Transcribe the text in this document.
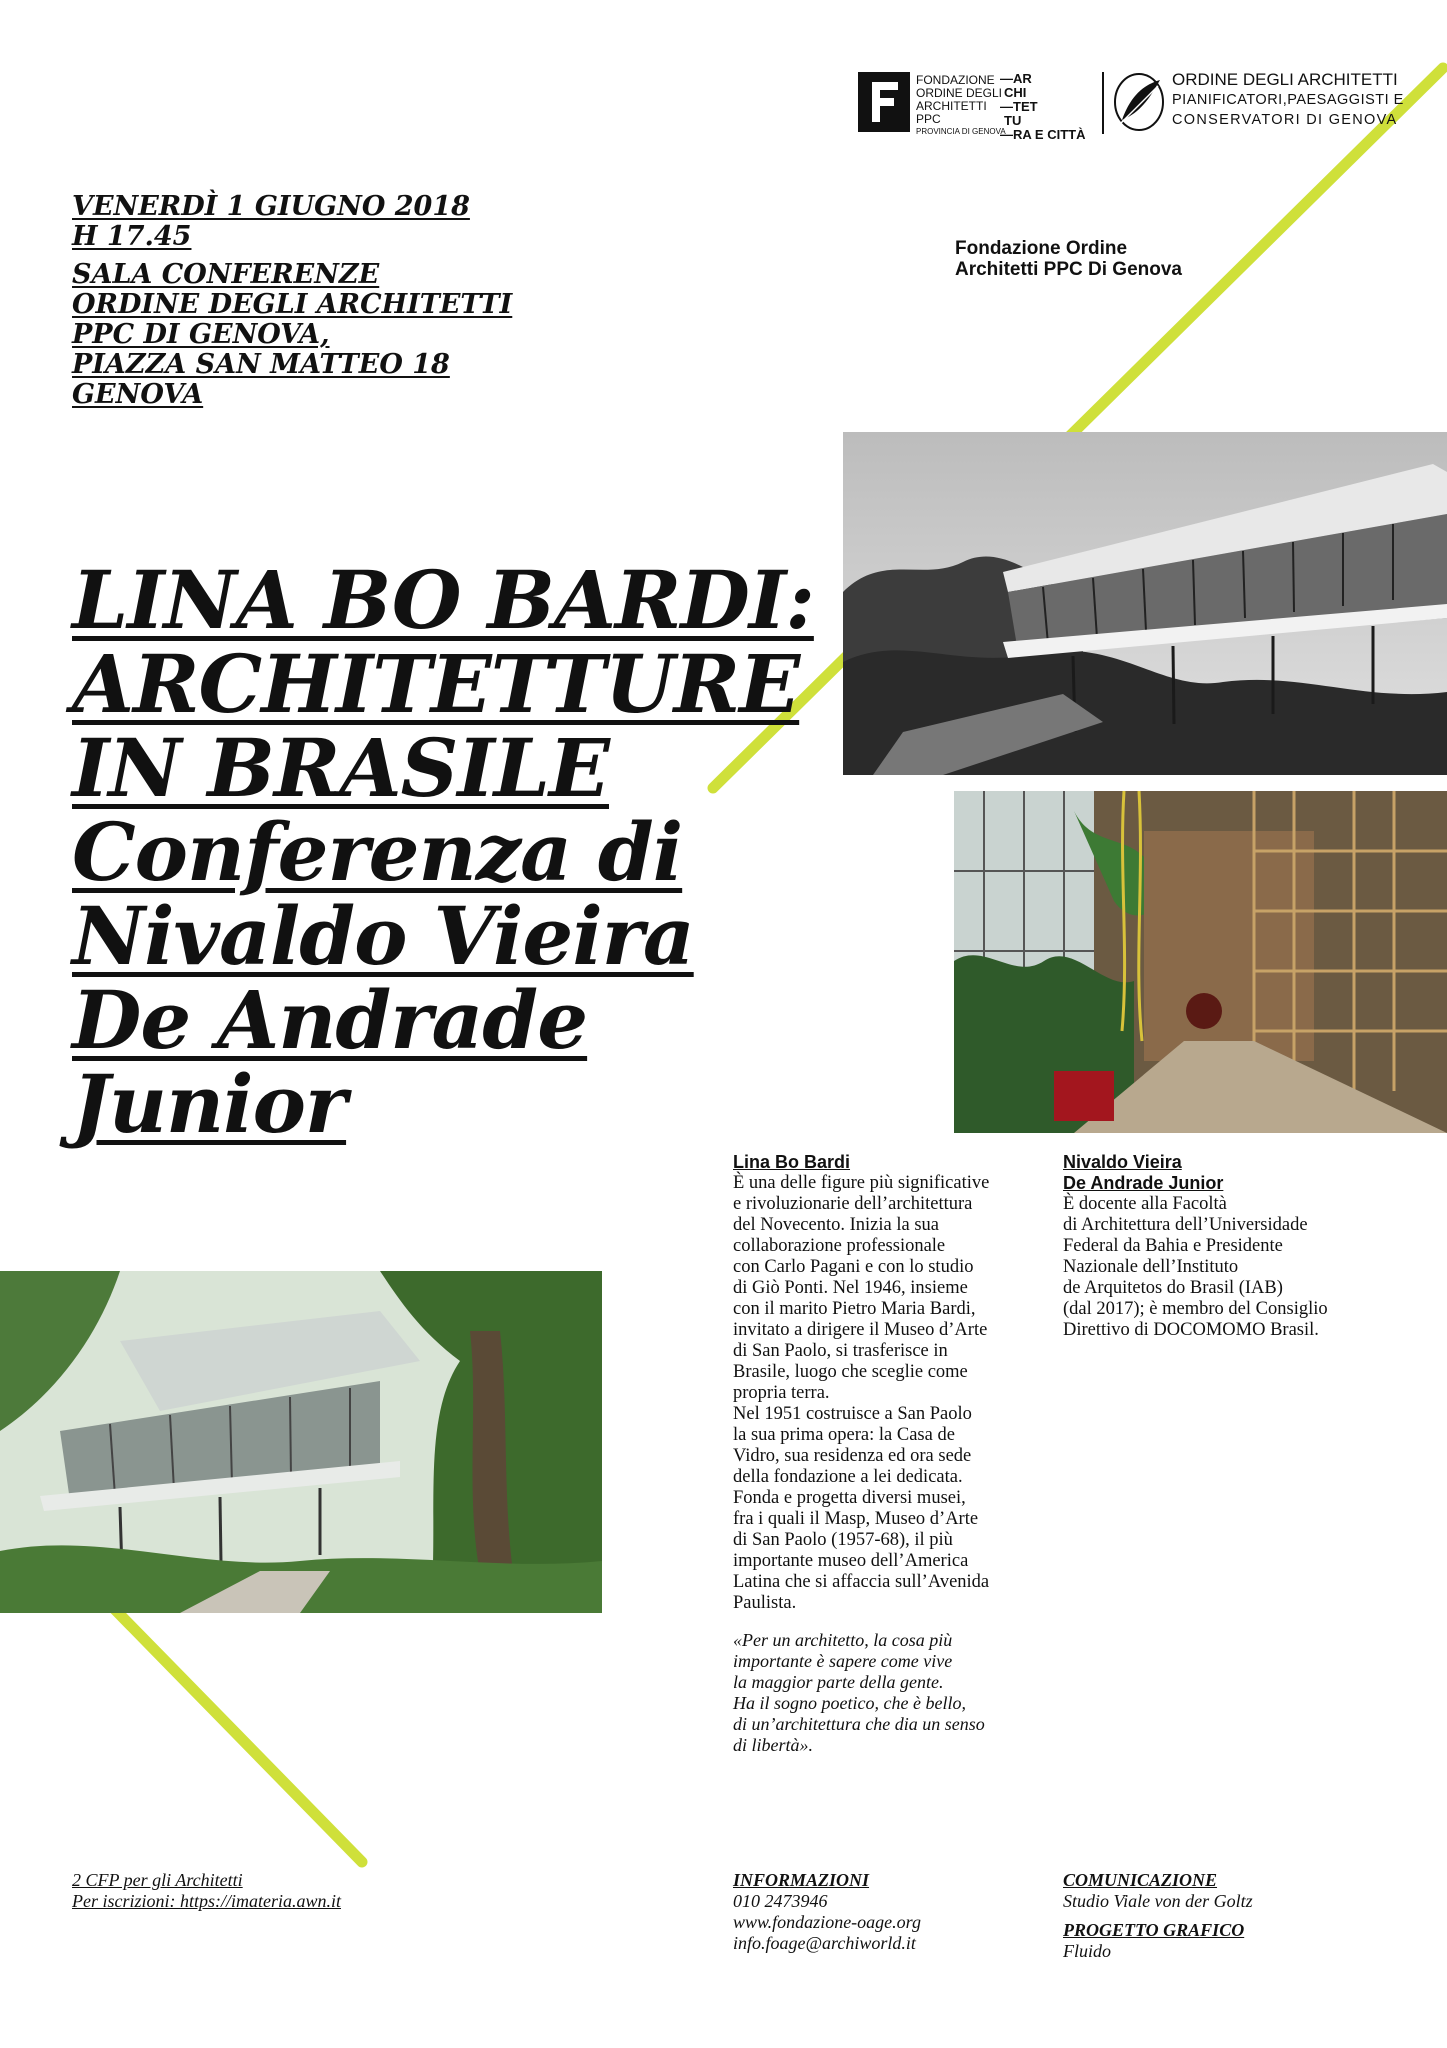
FONDAZIONE
ORDINE DEGLI
ARCHITETTI PPC
PROVINCIA DI GENOVA
—AR
CHI
—TET
TU
—RA E CITTÀ
ORDINE DEGLI ARCHITETTI
PIANIFICATORI,PAESAGGISTI E
CONSERVATORI DI GENOVA
VENERDÌ 1 GIUGNO 2018
H 17.45
SALA CONFERENZE
ORDINE DEGLI ARCHITETTI
PPC DI GENOVA,
PIAZZA SAN MATTEO 18
GENOVA
Fondazione Ordine
Architetti PPC Di Genova
LINA BO BARDI:
ARCHITETTURE
IN BRASILE
Conferenza di
Nivaldo Vieira
De Andrade Junior
Lina Bo Bardi
È una delle figure più significative
e rivoluzionarie dell’architettura
del Novecento. Inizia la sua
collaborazione professionale
con Carlo Pagani e con lo studio
di Giò Ponti. Nel 1946, insieme
con il marito Pietro Maria Bardi,
invitato a dirigere il Museo d’Arte
di San Paolo, si trasferisce in
Brasile, luogo che sceglie come
propria terra.
Nel 1951 costruisce a San Paolo
la sua prima opera: la Casa de
Vidro, sua residenza ed ora sede
della fondazione a lei dedicata.
Fonda e progetta diversi musei,
fra i quali il Masp, Museo d’Arte
di San Paolo (1957-68), il più
importante museo dell’America
Latina che si affaccia sull’Avenida
Paulista.
«Per un architetto, la cosa più
importante è sapere come vive
la maggior parte della gente.
Ha il sogno poetico, che è bello,
di un’architettura che dia un senso
di libertà».
Nivaldo Vieira
De Andrade Junior
È docente alla Facoltà
di Architettura dell’Universidade
Federal da Bahia e Presidente
Nazionale dell’Instituto
de Arquitetos do Brasil (IAB)
(dal 2017); è membro del Consiglio
Direttivo di DOCOMOMO Brasil.
2 CFP per gli Architetti
Per iscrizioni: https://imateria.awn.it
INFORMAZIONI
010 2473946
www.fondazione-oage.org
info.foage@archiworld.it
COMUNICAZIONE
Studio Viale von der Goltz
PROGETTO GRAFICO
Fluido
